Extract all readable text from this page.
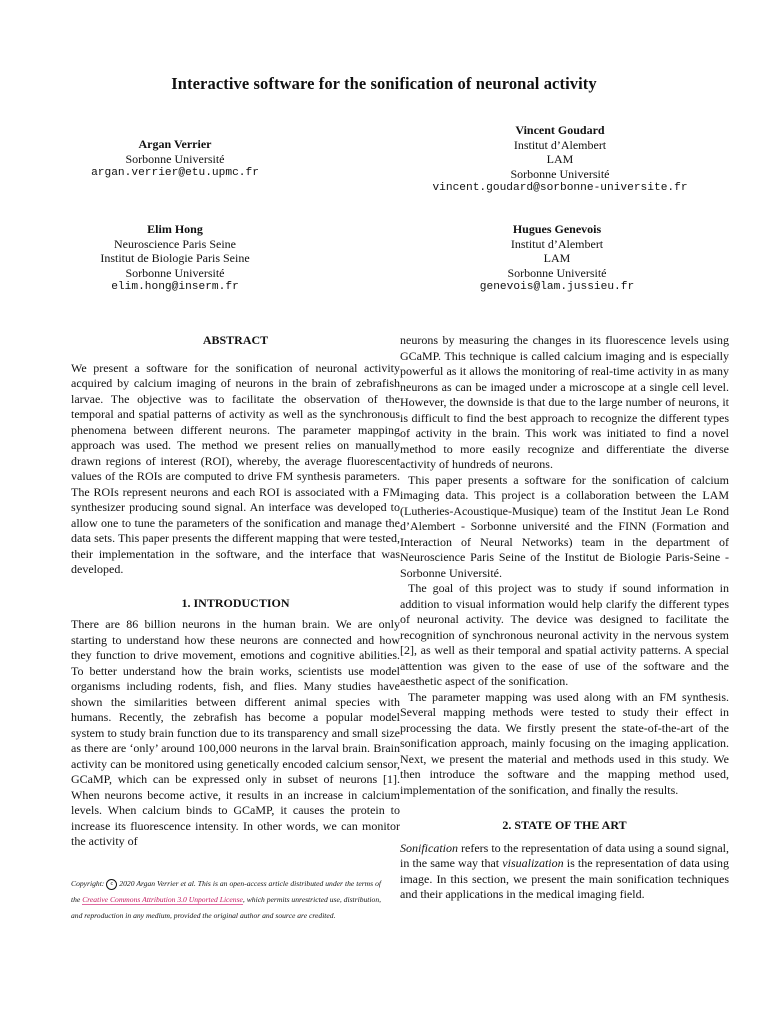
Interactive software for the sonification of neuronal activity
Argan Verrier
Sorbonne Université
argan.verrier@etu.upmc.fr
Vincent Goudard
Institut d’Alembert
LAM
Sorbonne Université
vincent.goudard@sorbonne-universite.fr
Elim Hong
Neuroscience Paris Seine
Institut de Biologie Paris Seine
Sorbonne Université
elim.hong@inserm.fr
Hugues Genevois
Institut d’Alembert
LAM
Sorbonne Université
genevois@lam.jussieu.fr
ABSTRACT

We present a software for the sonification of neuronal activity acquired by calcium imaging of neurons in the brain of zebrafish larvae. The objective was to facilitate the observation of the temporal and spatial patterns of activity as well as the synchronous phenomena between different neurons. The parameter mapping approach was used. The method we present relies on manually drawn regions of interest (ROI), whereby, the average fluorescent values of the ROIs are computed to drive FM synthesis parameters. The ROIs represent neurons and each ROI is associated with a FM synthesizer producing sound signal. An interface was developed to allow one to tune the parameters of the sonification and manage the data sets. This paper presents the different mapping that were tested, their implementation in the software, and the interface that was developed.

1. INTRODUCTION

There are 86 billion neurons in the human brain. We are only starting to understand how these neurons are connected and how they function to drive movement, emotions and cognitive abilities. To better understand how the brain works, scientists use model organisms including rodents, fish, and flies. Many studies have shown the similarities between different animal species with humans. Recently, the zebrafish has become a popular model system to study brain function due to its transparency and small size as there are ‘only’ around 100,000 neurons in the larval brain. Brain activity can be monitored using genetically encoded calcium sensor, GCaMP, which can be expressed only in subset of neurons [1]. When neurons become active, it results in an increase in calcium levels. When calcium binds to GCaMP, it causes the protein to increase its fluorescence intensity. In other words, we can monitor the activity of

neurons by measuring the changes in its fluorescence levels using GCaMP. This technique is called calcium imaging and is especially powerful as it allows the monitoring of real-time activity in as many neurons as can be imaged under a microscope at a single cell level. However, the downside is that due to the large number of neurons, it is difficult to find the best approach to recognize the different types of activity in the brain. This work was initiated to find a novel method to more easily recognize and differentiate the diverse activity of hundreds of neurons.

This paper presents a software for the sonification of calcium imaging data. This project is a collaboration between the LAM (Lutheries-Acoustique-Musique) team of the Institut Jean Le Rond d’Alembert - Sorbonne université and the FINN (Formation and Interaction of Neural Networks) team in the department of Neuroscience Paris Seine of the Institut de Biologie Paris-Seine - Sorbonne Université.

The goal of this project was to study if sound information in addition to visual information would help clarify the different types of neuronal activity. The device was designed to facilitate the recognition of synchronous neuronal activity in the nervous system [2], as well as their temporal and spatial activity patterns. A special attention was given to the ease of use of the software and the aesthetic aspect of the sonification.

The parameter mapping was used along with an FM synthesis. Several mapping methods were tested to study their effect in processing the data. We firstly present the state-of-the-art of the sonification approach, mainly focusing on the imaging application. Next, we present the material and methods used in this study. We then introduce the software and the mapping method used, implementation of the sonification, and finally the results.

2. STATE OF THE ART

Sonification refers to the representation of data using a sound signal, in the same way that visualization is the representation of data using image. In this section, we present the main sonification techniques and their applications in the medical imaging field.

Copyright: c 2020 Argan Verrier et al. This is an open-access article distributed under the terms of the Creative Commons Attribution 3.0 Unported License, which permits unrestricted use, distribution, and reproduction in any medium, provided the original author and source are credited.
